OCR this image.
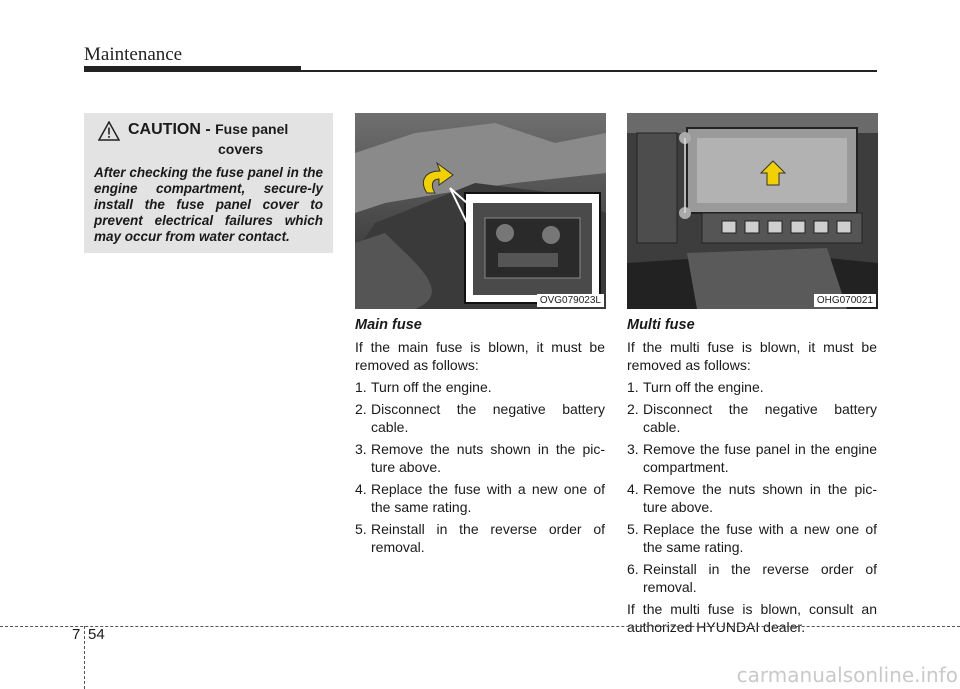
Maintenance
CAUTION - Fuse panel
covers
After checking the fuse panel in the engine compartment, secure-ly install the fuse panel cover to prevent electrical failures which may occur from water contact.
OVG079023L	OHG070021
Main fuse

If the main fuse is blown, it must be removed as follows:

1. Turn off the engine.
2. Disconnect the negative battery cable.
3. Remove the nuts shown in the pic-ture above.
4. Replace the fuse with a new one of the same rating.
5. Reinstall in the reverse order of removal.
Multi fuse

If the multi fuse is blown, it must be removed as follows:

1. Turn off the engine.
2. Disconnect the negative battery cable.
3. Remove the fuse panel in the engine compartment.
4. Remove the nuts shown in the pic-ture above.
5. Replace the fuse with a new one of the same rating.
6. Reinstall in the reverse order of removal.

If the multi fuse is blown, consult an authorized HYUNDAI dealer.

7 54
carmanualsonline.info
